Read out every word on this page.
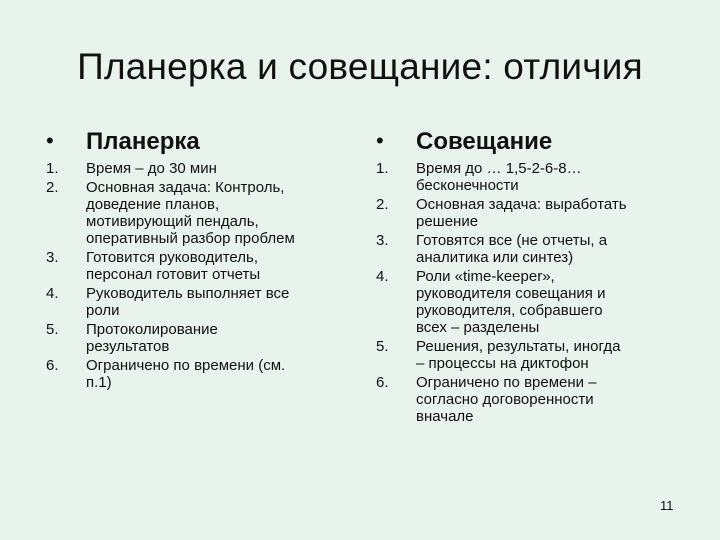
Планерка и совещание: отличия
• Планерка
1. Время – до 30 мин
2. Основная задача: Контроль,
доведение планов,
мотивирующий пендаль,
оперативный разбор проблем
3. Готовится руководитель,
персонал готовит отчеты
4. Руководитель выполняет все
роли
5. Протоколирование
результатов
6. Ограничено по времени (см.
п.1)
• Совещание
1. Время до … 1,5-2-6-8…
бесконечности
2. Основная задача: выработать
решение
3. Готовятся все (не отчеты, а
аналитика или синтез)
4. Роли «time-keeper»,
руководителя совещания и
руководителя, собравшего
всех – разделены
5. Решения, результаты, иногда
– процессы на диктофон
6. Ограничено по времени –
согласно договоренности
вначале
11
